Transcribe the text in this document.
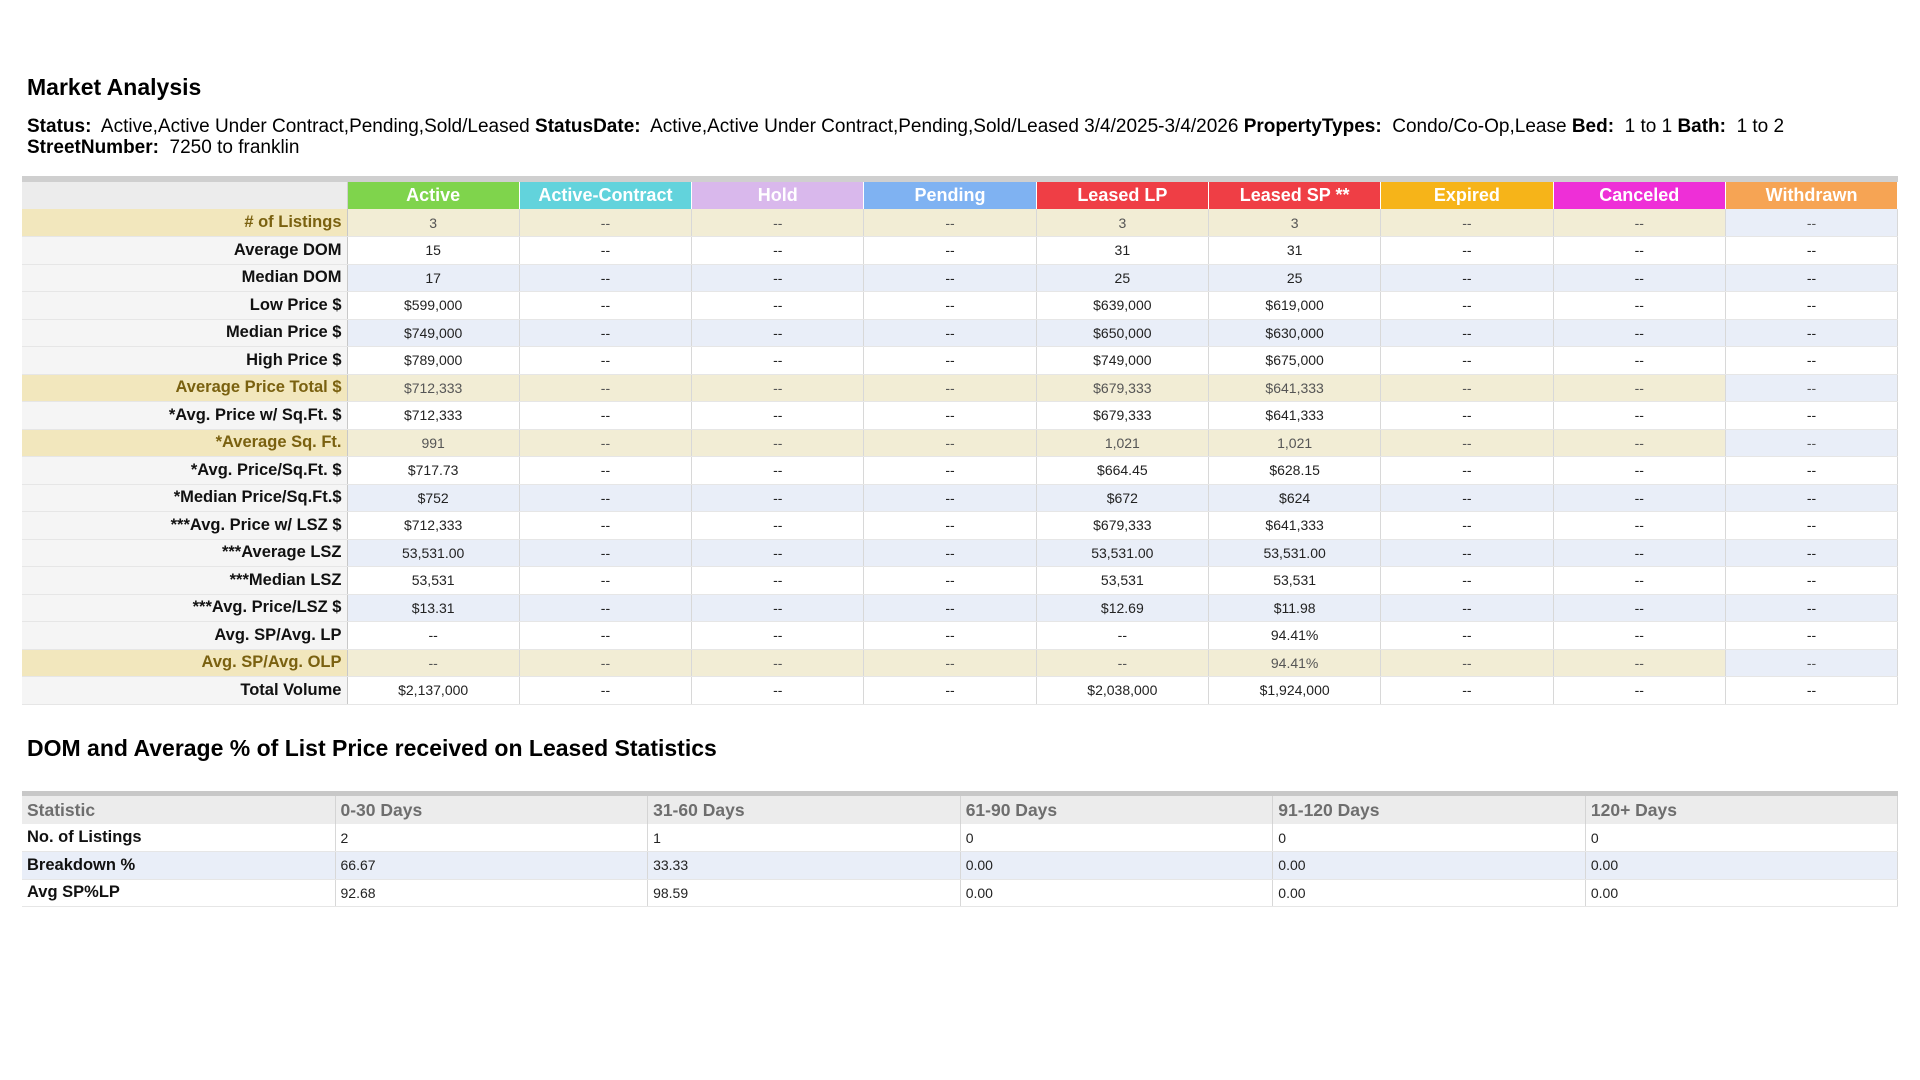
Market Analysis
Status: Active,Active Under Contract,Pending,Sold/Leased StatusDate: Active,Active Under Contract,Pending,Sold/Leased 3/4/2025-3/4/2026 PropertyTypes: Condo/Co-Op,Lease Bed: 1 to 1 Bath: 1 to 2 StreetNumber: 7250 to franklin
	Active	Active-Contract	Hold	Pending	Leased LP	Leased SP **	Expired	Canceled	Withdrawn
# of Listings	3	--	--	--	3	3	--	--	--
Average DOM	15	--	--	--	31	31	--	--	--
Median DOM	17	--	--	--	25	25	--	--	--
Low Price $	$599,000	--	--	--	$639,000	$619,000	--	--	--
Median Price $	$749,000	--	--	--	$650,000	$630,000	--	--	--
High Price $	$789,000	--	--	--	$749,000	$675,000	--	--	--
Average Price Total $	$712,333	--	--	--	$679,333	$641,333	--	--	--
*Avg. Price w/ Sq.Ft. $	$712,333	--	--	--	$679,333	$641,333	--	--	--
*Average Sq. Ft.	991	--	--	--	1,021	1,021	--	--	--
*Avg. Price/Sq.Ft. $	$717.73	--	--	--	$664.45	$628.15	--	--	--
*Median Price/Sq.Ft.$	$752	--	--	--	$672	$624	--	--	--
***Avg. Price w/ LSZ $	$712,333	--	--	--	$679,333	$641,333	--	--	--
***Average LSZ	53,531.00	--	--	--	53,531.00	53,531.00	--	--	--
***Median LSZ	53,531	--	--	--	53,531	53,531	--	--	--
***Avg. Price/LSZ $	$13.31	--	--	--	$12.69	$11.98	--	--	--
Avg. SP/Avg. LP	--	--	--	--	--	94.41%	--	--	--
Avg. SP/Avg. OLP	--	--	--	--	--	94.41%	--	--	--
Total Volume	$2,137,000	--	--	--	$2,038,000	$1,924,000	--	--	--
DOM and Average % of List Price received on Leased Statistics
Statistic	0-30 Days	31-60 Days	61-90 Days	91-120 Days	120+ Days
No. of Listings	2	1	0	0	0
Breakdown %	66.67	33.33	0.00	0.00	0.00
Avg SP%LP	92.68	98.59	0.00	0.00	0.00
